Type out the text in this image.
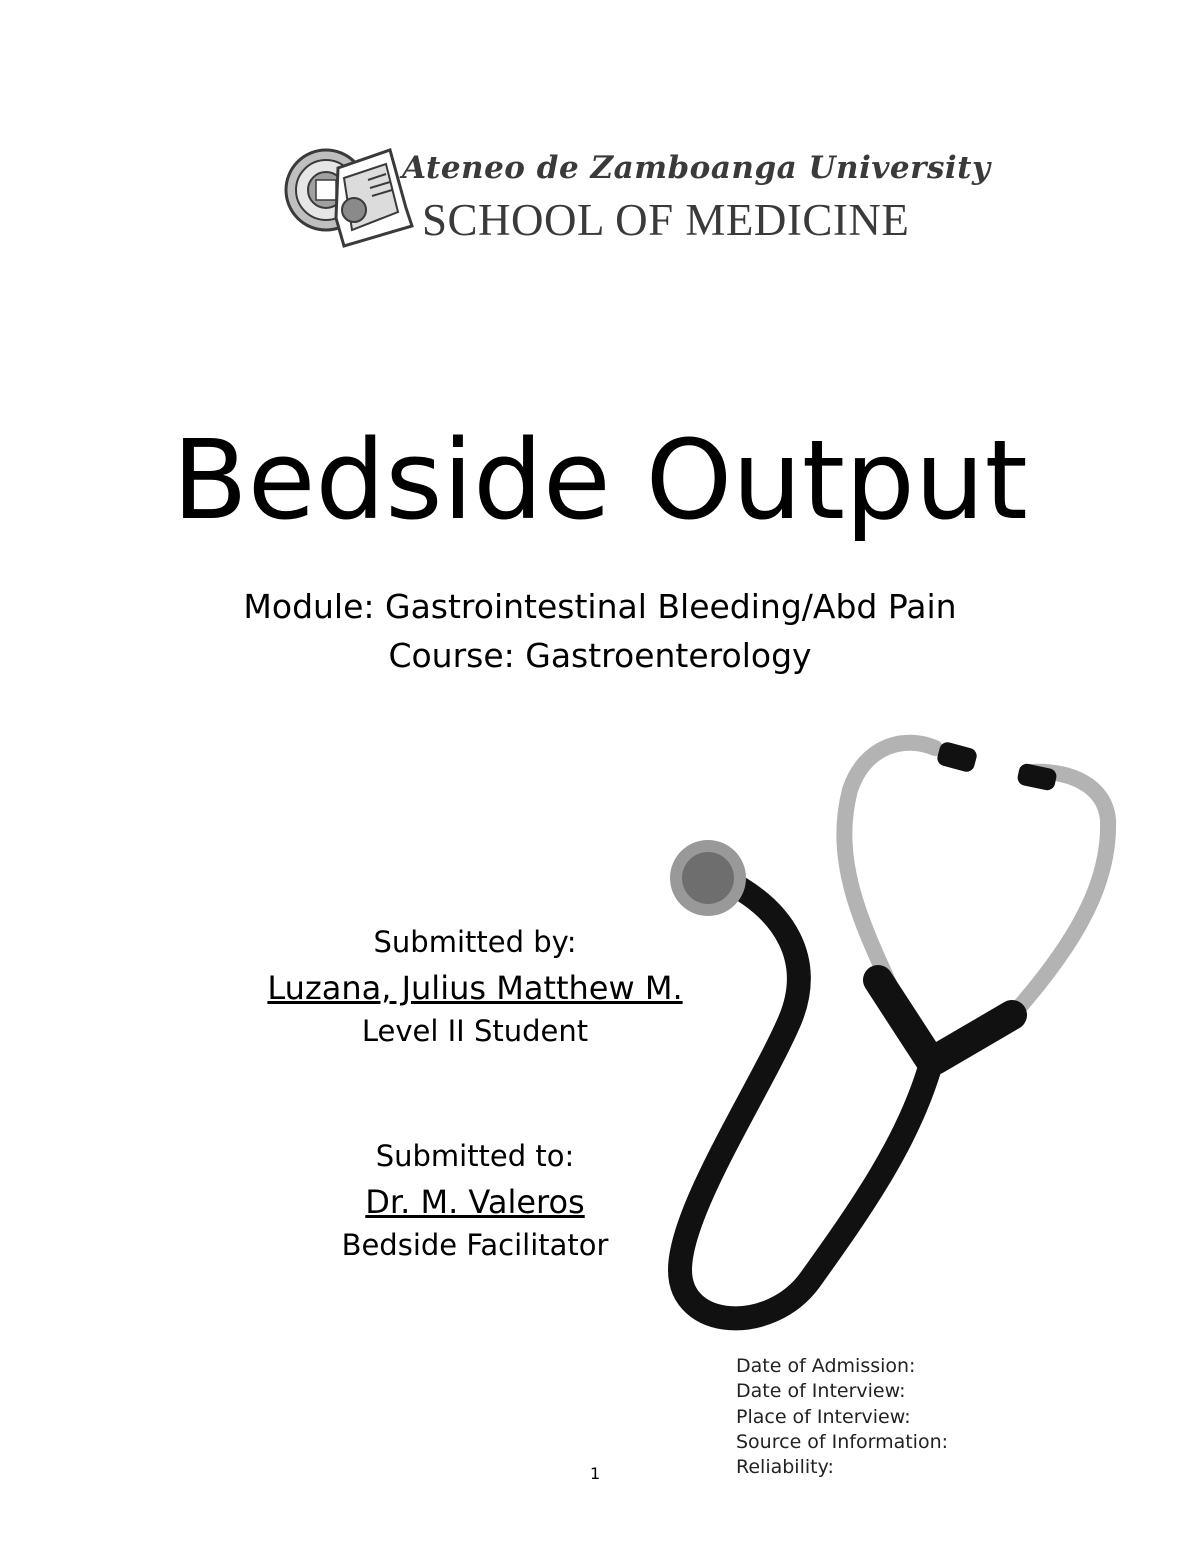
Ateneo de Zamboanga University
SCHOOL OF MEDICINE
Bedside Output
Module: Gastrointestinal Bleeding/Abd Pain
Course: Gastroenterology
Submitted by:
Luzana, Julius Matthew M.
Level II Student
Submitted to:
Dr. M. Valeros
Bedside Facilitator
Date of Admission:
Date of Interview:
Place of Interview:
Source of Information:
Reliability:
1
